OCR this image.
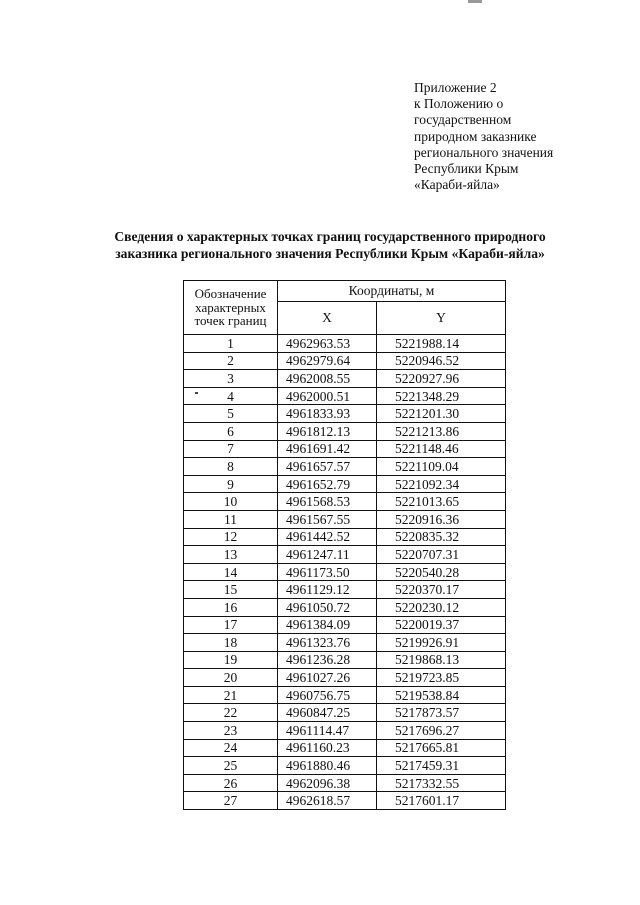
Приложение 2
к Положению о
государственном
природном заказнике
регионального значения
Республики Крым
«Караби-яйла»
Сведения о характерных точках границ государственного природного
заказника регионального значения Республики Крым «Караби-яйла»
Обозначение характерных точек границ	Координаты, м	
	X	Y
1	4962963.53	5221988.14
2	4962979.64	5220946.52
3	4962008.55	5220927.96
4	4962000.51	5221348.29
5	4961833.93	5221201.30
6	4961812.13	5221213.86
7	4961691.42	5221148.46
8	4961657.57	5221109.04
9	4961652.79	5221092.34
10	4961568.53	5221013.65
11	4961567.55	5220916.36
12	4961442.52	5220835.32
13	4961247.11	5220707.31
14	4961173.50	5220540.28
15	4961129.12	5220370.17
16	4961050.72	5220230.12
17	4961384.09	5220019.37
18	4961323.76	5219926.91
19	4961236.28	5219868.13
20	4961027.26	5219723.85
21	4960756.75	5219538.84
22	4960847.25	5217873.57
23	4961114.47	5217696.27
24	4961160.23	5217665.81
25	4961880.46	5217459.31
26	4962096.38	5217332.55
27	4962618.57	5217601.17
